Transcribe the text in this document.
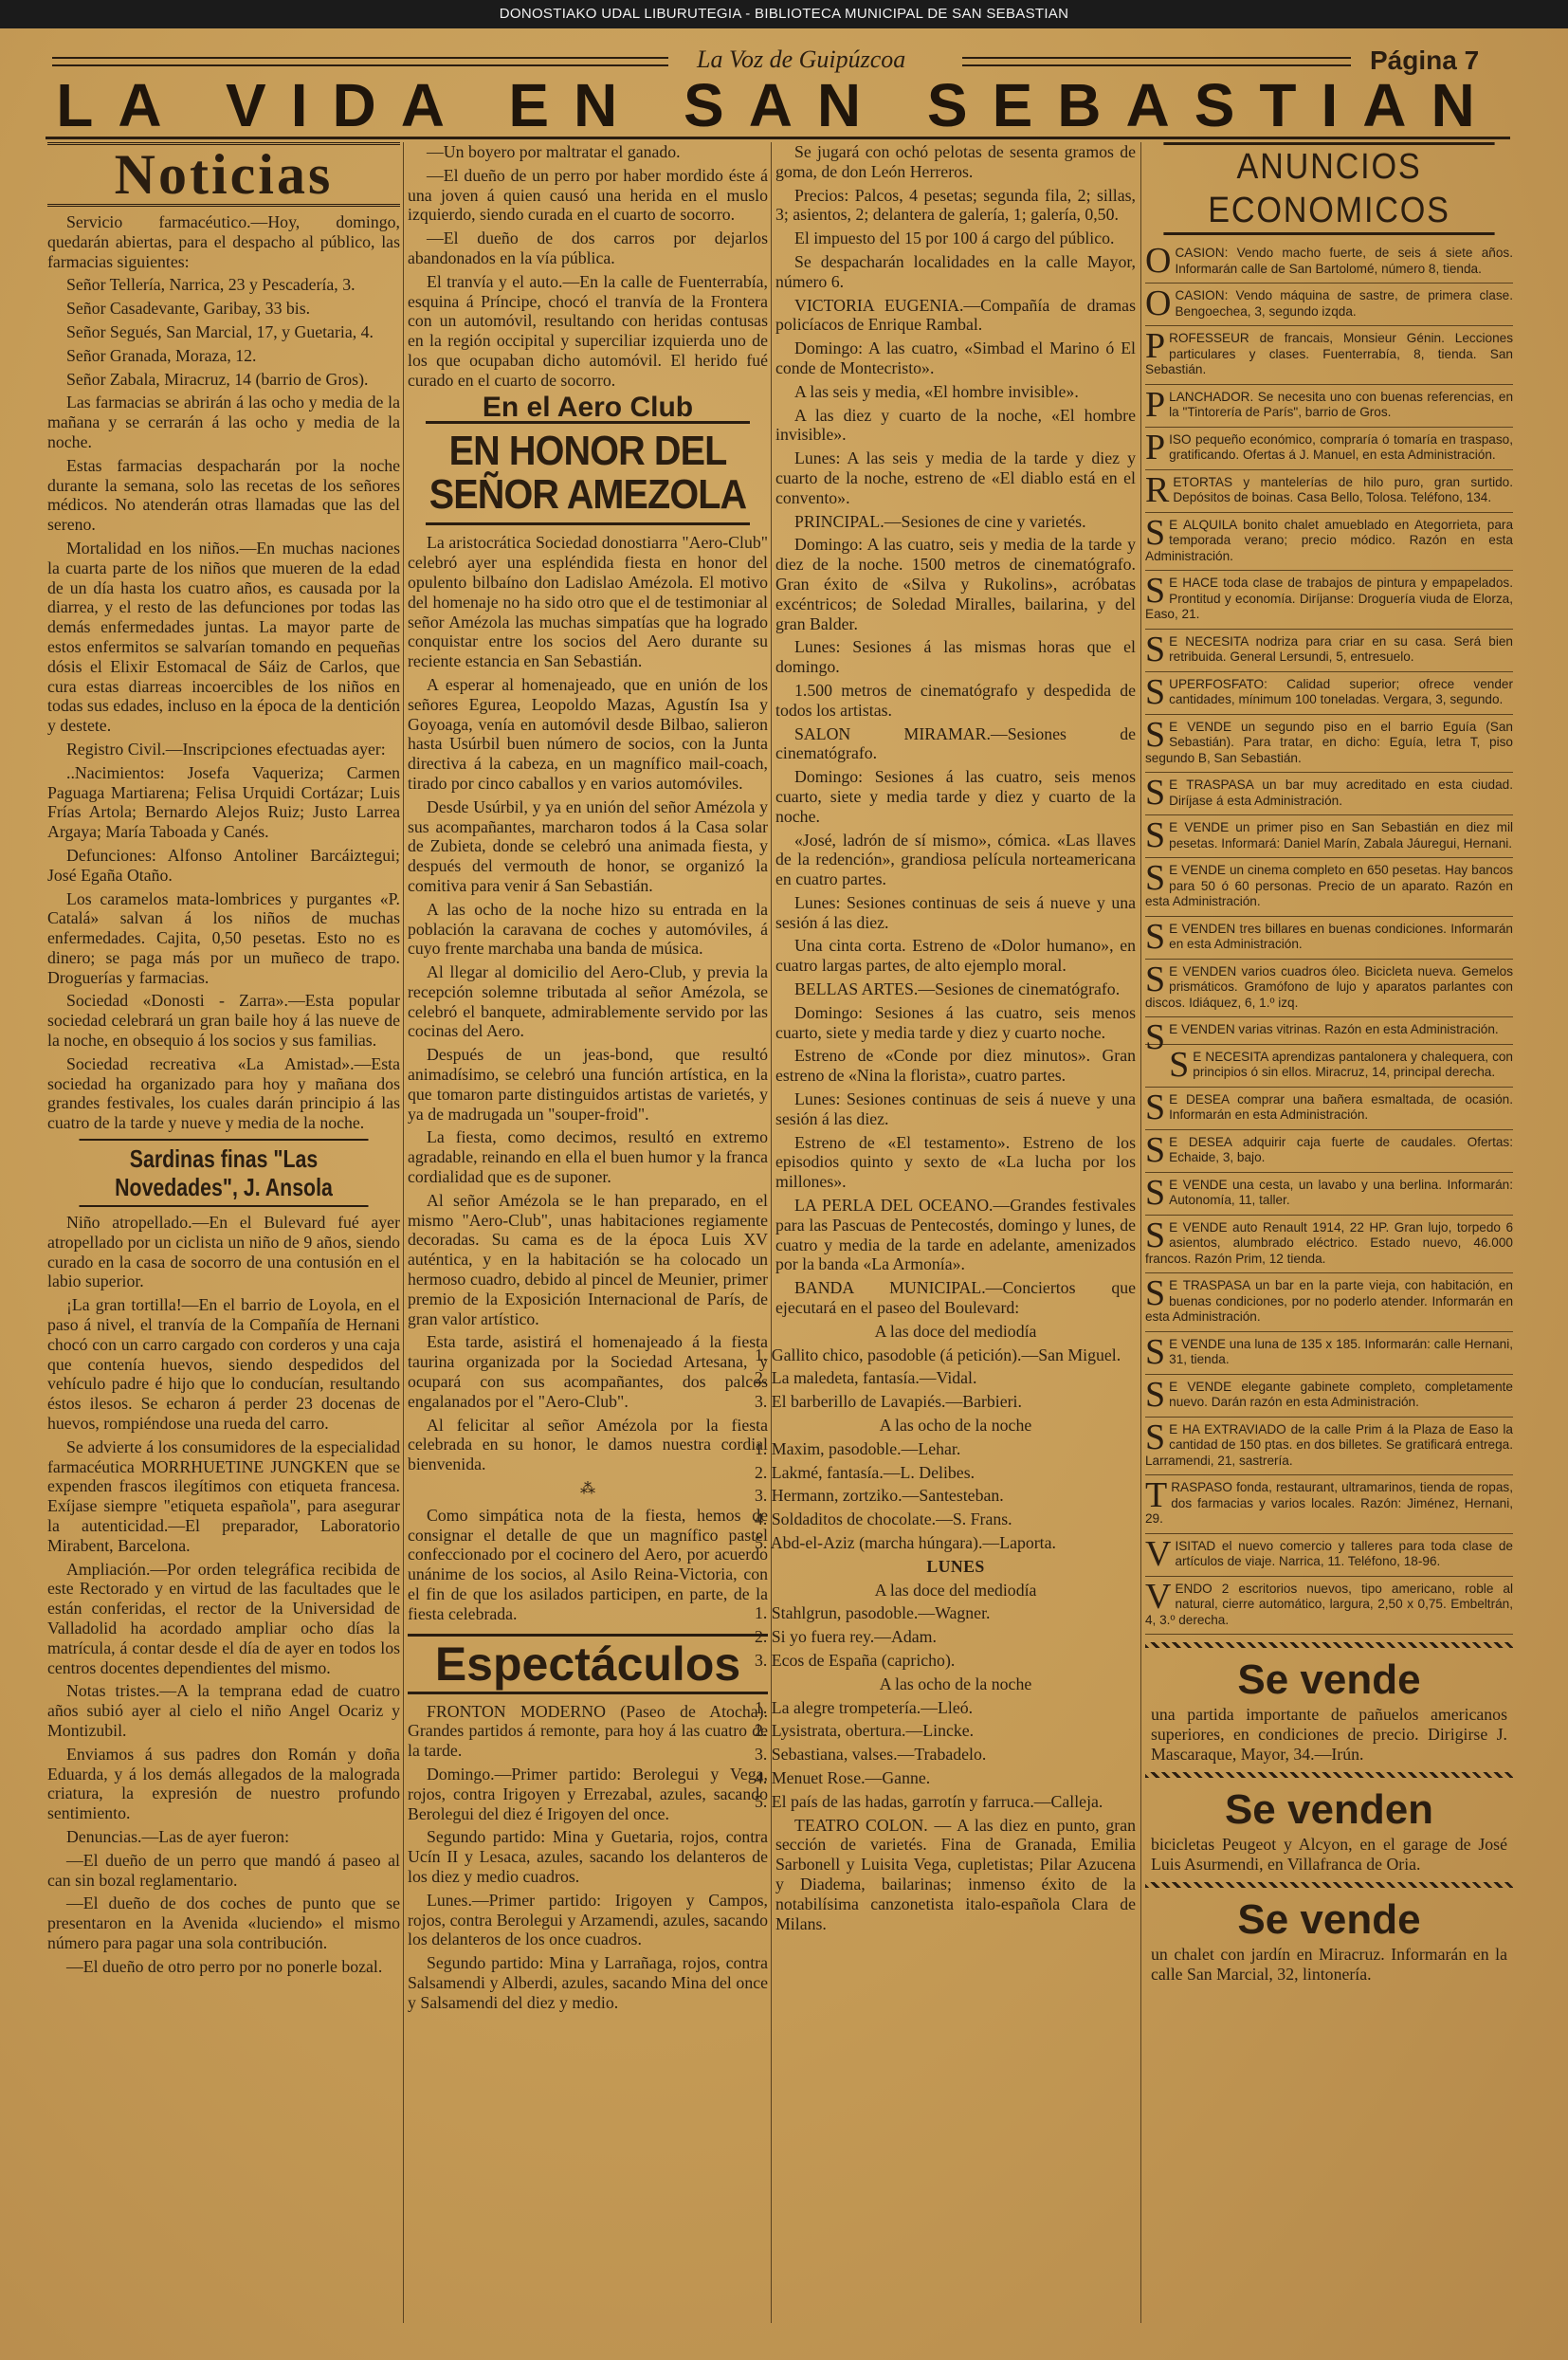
DONOSTIAKO UDAL LIBURUTEGIA - BIBLIOTECA MUNICIPAL DE SAN SEBASTIAN
La Voz de Guipúzcoa	Página 7
LA VIDA EN SAN SEBASTIAN
Noticias

Servicio farmacéutico.—Hoy, domingo, quedarán abiertas, para el despacho al público, las farmacias siguientes:

Señor Tellería, Narrica, 23 y Pescadería, 3.

Señor Casadevante, Garibay, 33 bis.

Señor Segués, San Marcial, 17, y Guetaria, 4.

Señor Granada, Moraza, 12.

Señor Zabala, Miracruz, 14 (barrio de Gros).

Las farmacias se abrirán á las ocho y media de la mañana y se cerrarán á las ocho y media de la noche.

Estas farmacias despacharán por la noche durante la semana, solo las recetas de los señores médicos. No atenderán otras llamadas que las del sereno.

Mortalidad en los niños.—En muchas naciones la cuarta parte de los niños que mueren de la edad de un día hasta los cuatro años, es causada por la diarrea, y el resto de las defunciones por todas las demás enfermedades juntas. La mayor parte de estos enfermitos se salvarían tomando en pequeñas dósis el Elixir Estomacal de Sáiz de Carlos, que cura estas diarreas incoercibles de los niños en todas sus edades, incluso en la época de la dentición y destete.

Registro Civil.—Inscripciones efectuadas ayer:

..Nacimientos: Josefa Vaqueriza; Carmen Paguaga Martiarena; Felisa Urquidi Cortázar; Luis Frías Artola; Bernardo Alejos Ruiz; Justo Larrea Argaya; María Taboada y Canés.

Defunciones: Alfonso Antoliner Barcáiztegui; José Egaña Otaño.

Los caramelos mata-lombrices y purgantes «P. Catalá» salvan á los niños de muchas enfermedades. Cajita, 0,50 pesetas. Esto no es dinero; se paga más por un muñeco de trapo. Droguerías y farmacias.

Sociedad «Donosti - Zarra».—Esta popular sociedad celebrará un gran baile hoy á las nueve de la noche, en obsequio á los socios y sus familias.

Sociedad recreativa «La Amistad».—Esta sociedad ha organizado para hoy y mañana dos grandes festivales, los cuales darán principio á las cuatro de la tarde y nueve y media de la noche.

Sardinas finas "Las Novedades", J. Ansola

Niño atropellado.—En el Bulevard fué ayer atropellado por un ciclista un niño de 9 años, siendo curado en la casa de socorro de una contusión en el labio superior.

¡La gran tortilla!—En el barrio de Loyola, en el paso á nivel, el tranvía de la Compañía de Hernani chocó con un carro cargado con corderos y una caja que contenía huevos, siendo despedidos del vehículo padre é hijo que lo conducían, resultando éstos ilesos. Se echaron á perder 23 docenas de huevos, rompiéndose una rueda del carro.

Se advierte á los consumidores de la especialidad farmacéutica MORRHUETINE JUNGKEN que se expenden frascos ilegítimos con etiqueta francesa. Exíjase siempre "etiqueta española", para asegurar la autenticidad.—El preparador, Laboratorio Mirabent, Barcelona.

Ampliación.—Por orden telegráfica recibida de este Rectorado y en virtud de las facultades que le están conferidas, el rector de la Universidad de Valladolid ha acordado ampliar ocho días la matrícula, á contar desde el día de ayer en todos los centros docentes dependientes del mismo.

Notas tristes.—A la temprana edad de cuatro años subió ayer al cielo el niño Angel Ocariz y Montizubil.

Enviamos á sus padres don Román y doña Eduarda, y á los demás allegados de la malograda criatura, la expresión de nuestro profundo sentimiento.

Denuncias.—Las de ayer fueron:

—El dueño de un perro que mandó á paseo al can sin bozal reglamentario.

—El dueño de dos coches de punto que se presentaron en la Avenida «luciendo» el mismo número para pagar una sola contribución.

—El dueño de otro perro por no ponerle bozal.

—Un boyero por maltratar el ganado.

—El dueño de un perro por haber mordido éste á una joven á quien causó una herida en el muslo izquierdo, siendo curada en el cuarto de socorro.

—El dueño de dos carros por dejarlos abandonados en la vía pública.

El tranvía y el auto.—En la calle de Fuenterrabía, esquina á Príncipe, chocó el tranvía de la Frontera con un automóvil, resultando con heridas contusas en la región occipital y superciliar izquierda uno de los que ocupaban dicho automóvil. El herido fué curado en el cuarto de socorro.

En el Aero Club
EN HONOR DEL SEÑOR AMEZOLA

La aristocrática Sociedad donostiarra "Aero-Club" celebró ayer una espléndida fiesta en honor del opulento bilbaíno don Ladislao Amézola. El motivo del homenaje no ha sido otro que el de testimoniar al señor Amézola las muchas simpatías que ha logrado conquistar entre los socios del Aero durante su reciente estancia en San Sebastián.

A esperar al homenajeado, que en unión de los señores Egurea, Leopoldo Mazas, Agustín Isa y Goyoaga, venía en automóvil desde Bilbao, salieron hasta Usúrbil buen número de socios, con la Junta directiva á la cabeza, en un magnífico mail-coach, tirado por cinco caballos y en varios automóviles.

Desde Usúrbil, y ya en unión del señor Amézola y sus acompañantes, marcharon todos á la Casa solar de Zubieta, donde se celebró una animada fiesta, y después del vermouth de honor, se organizó la comitiva para venir á San Sebastián.

A las ocho de la noche hizo su entrada en la población la caravana de coches y automóviles, á cuyo frente marchaba una banda de música.

Al llegar al domicilio del Aero-Club, y previa la recepción solemne tributada al señor Amézola, se celebró el banquete, admirablemente servido por las cocinas del Aero.

Después de un jeas-bond, que resultó animadísimo, se celebró una función artística, en la que tomaron parte distinguidos artistas de varietés, y ya de madrugada un "souper-froid".

La fiesta, como decimos, resultó en extremo agradable, reinando en ella el buen humor y la franca cordialidad que es de suponer.

Al señor Amézola se le han preparado, en el mismo "Aero-Club", unas habitaciones regiamente decoradas. Su cama es de la época Luis XV auténtica, y en la habitación se ha colocado un hermoso cuadro, debido al pincel de Meunier, primer premio de la Exposición Internacional de París, de gran valor artístico.

Esta tarde, asistirá el homenajeado á la fiesta taurina organizada por la Sociedad Artesana, y ocupará con sus acompañantes, dos palcos engalanados por el "Aero-Club".

Al felicitar al señor Amézola por la fiesta celebrada en su honor, le damos nuestra cordial bienvenida.

⁂

Como simpática nota de la fiesta, hemos de consignar el detalle de que un magnífico pastel confeccionado por el cocinero del Aero, por acuerdo unánime de los socios, al Asilo Reina-Victoria, con el fin de que los asilados participen, en parte, de la fiesta celebrada.

Espectáculos

FRONTON MODERNO (Paseo de Atocha). Grandes partidos á remonte, para hoy á las cuatro de la tarde.

Domingo.—Primer partido: Berolegui y Vega, rojos, contra Irigoyen y Errezabal, azules, sacando Berolegui del diez é Irigoyen del once.

Segundo partido: Mina y Guetaria, rojos, contra Ucín II y Lesaca, azules, sacando los delanteros de los diez y medio cuadros.

Lunes.—Primer partido: Irigoyen y Campos, rojos, contra Berolegui y Arzamendi, azules, sacando los delanteros de los once cuadros.

Segundo partido: Mina y Larrañaga, rojos, contra Salsamendi y Alberdi, azules, sacando Mina del once y Salsamendi del diez y medio.

Se jugará con ochó pelotas de sesenta gramos de goma, de don León Herreros.

Precios: Palcos, 4 pesetas; segunda fila, 2; sillas, 3; asientos, 2; delantera de galería, 1; galería, 0,50.

El impuesto del 15 por 100 á cargo del público.

Se despacharán localidades en la calle Mayor, número 6.

VICTORIA EUGENIA.—Compañía de dramas policíacos de Enrique Rambal.

Domingo: A las cuatro, «Simbad el Marino ó El conde de Montecristo».

A las seis y media, «El hombre invisible».

A las diez y cuarto de la noche, «El hombre invisible».

Lunes: A las seis y media de la tarde y diez y cuarto de la noche, estreno de «El diablo está en el convento».

PRINCIPAL.—Sesiones de cine y varietés.

Domingo: A las cuatro, seis y media de la tarde y diez de la noche. 1500 metros de cinematógrafo. Gran éxito de «Silva y Rukolins», acróbatas excéntricos; de Soledad Miralles, bailarina, y del gran Balder.

Lunes: Sesiones á las mismas horas que el domingo.

1.500 metros de cinematógrafo y despedida de todos los artistas.

SALON MIRAMAR.—Sesiones de cinematógrafo.

Domingo: Sesiones á las cuatro, seis menos cuarto, siete y media tarde y diez y cuarto de la noche.

«José, ladrón de sí mismo», cómica. «Las llaves de la redención», grandiosa película norteamericana en cuatro partes.

Lunes: Sesiones continuas de seis á nueve y una sesión á las diez.

Una cinta corta. Estreno de «Dolor humano», en cuatro largas partes, de alto ejemplo moral.

BELLAS ARTES.—Sesiones de cinematógrafo.

Domingo: Sesiones á las cuatro, seis menos cuarto, siete y media tarde y diez y cuarto noche.

Estreno de «Conde por diez minutos». Gran estreno de «Nina la florista», cuatro partes.

Lunes: Sesiones continuas de seis á nueve y una sesión á las diez.

Estreno de «El testamento». Estreno de los episodios quinto y sexto de «La lucha por los millones».

LA PERLA DEL OCEANO.—Grandes festivales para las Pascuas de Pentecostés, domingo y lunes, de cuatro y media de la tarde en adelante, amenizados por la banda «La Armonía».

BANDA MUNICIPAL.—Conciertos que ejecutará en el paseo del Boulevard:

A las doce del mediodía

1. Gallito chico, pasodoble (á petición).—San Miguel.

2. La maledeta, fantasía.—Vidal.

3. El barberillo de Lavapiés.—Barbieri.

A las ocho de la noche

1. Maxim, pasodoble.—Lehar.

2. Lakmé, fantasía.—L. Delibes.

3. Hermann, zortziko.—Santesteban.

4. Soldaditos de chocolate.—S. Frans.

5. Abd-el-Aziz (marcha húngara).—Laporta.

LUNES

A las doce del mediodía

1. Stahlgrun, pasodoble.—Wagner.

2. Si yo fuera rey.—Adam.

3. Ecos de España (capricho).

A las ocho de la noche

1. La alegre trompetería.—Lleó.

2. Lysistrata, obertura.—Lincke.

3. Sebastiana, valses.—Trabadelo.

4. Menuet Rose.—Ganne.

5. El país de las hadas, garrotín y farruca.—Calleja.

TEATRO COLON. — A las diez en punto, gran sección de varietés. Fina de Granada, Emilia Sarbonell y Luisita Vega, cupletistas; Pilar Azucena y Diadema, bailarinas; inmenso éxito de la notabilísima canzonetista italo-española Clara de Milans.

ANUNCIOS ECONOMICOS
OCASION: Vendo macho fuerte, de seis á siete años. Informarán calle de San Bartolomé, número 8, tienda.
OCASION: Vendo máquina de sastre, de primera clase. Bengoechea, 3, segundo izqda.
PROFESSEUR de francais, Monsieur Génin. Lecciones particulares y clases. Fuenterrabía, 8, tienda. San Sebastián.
PLANCHADOR. Se necesita uno con buenas referencias, en la "Tintorería de París", barrio de Gros.
PISO pequeño económico, compraría ó tomaría en traspaso, gratificando. Ofertas á J. Manuel, en esta Administración.
RETORTAS y mantelerías de hilo puro, gran surtido. Depósitos de boinas. Casa Bello, Tolosa. Teléfono, 134.
SE ALQUILA bonito chalet amueblado en Ategorrieta, para temporada verano; precio módico. Razón en esta Administración.
SE HACE toda clase de trabajos de pintura y empapelados. Prontitud y economía. Diríjanse: Droguería viuda de Elorza, Easo, 21.
SE NECESITA nodriza para criar en su casa. Será bien retribuida. General Lersundi, 5, entresuelo.
SUPERFOSFATO: Calidad superior; ofrece vender cantidades, mínimum 100 toneladas. Vergara, 3, segundo.
SE VENDE un segundo piso en el barrio Eguía (San Sebastián). Para tratar, en dicho: Eguía, letra T, piso segundo B, San Sebastián.
SE TRASPASA un bar muy acreditado en esta ciudad. Diríjase á esta Administración.
SE VENDE un primer piso en San Sebastián en diez mil pesetas. Informará: Daniel Marín, Zabala Jáuregui, Hernani.
SE VENDE un cinema completo en 650 pesetas. Hay bancos para 50 ó 60 personas. Precio de un aparato. Razón en esta Administración.
SE VENDEN tres billares en buenas condiciones. Informarán en esta Administración.
SE VENDEN varios cuadros óleo. Bicicleta nueva. Gemelos prismáticos. Gramófono de lujo y aparatos parlantes con discos. Idiáquez, 6, 1.º izq.
SE VENDEN varias vitrinas. Razón en esta Administración.
SE NECESITA aprendizas pantalonera y chalequera, con principios ó sin ellos. Miracruz, 14, principal derecha.
SE DESEA comprar una bañera esmaltada, de ocasión. Informarán en esta Administración.
SE DESEA adquirir caja fuerte de caudales. Ofertas: Echaide, 3, bajo.
SE VENDE una cesta, un lavabo y una berlina. Informarán: Autonomía, 11, taller.
SE VENDE auto Renault 1914, 22 HP. Gran lujo, torpedo 6 asientos, alumbrado eléctrico. Estado nuevo, 46.000 francos. Razón Prim, 12 tienda.
SE TRASPASA un bar en la parte vieja, con habitación, en buenas condiciones, por no poderlo atender. Informarán en esta Administración.
SE VENDE una luna de 135 x 185. Informarán: calle Hernani, 31, tienda.
SE VENDE elegante gabinete completo, completamente nuevo. Darán razón en esta Administración.
SE HA EXTRAVIADO de la calle Prim á la Plaza de Easo la cantidad de 150 ptas. en dos billetes. Se gratificará entrega. Larramendi, 21, sastrería.
TRASPASO fonda, restaurant, ultramarinos, tienda de ropas, dos farmacias y varios locales. Razón: Jiménez, Hernani, 29.
VISITAD el nuevo comercio y talleres para toda clase de artículos de viaje. Narrica, 11. Teléfono, 18-96.
VENDO 2 escritorios nuevos, tipo americano, roble al natural, cierre automático, largura, 2,50 x 0,75. Embeltrán, 4, 3.º derecha.
Se vende
una partida importante de pañuelos americanos superiores, en condiciones de precio. Dirigirse J. Mascaraque, Mayor, 34.—Irún.
Se venden
bicicletas Peugeot y Alcyon, en el garage de José Luis Asurmendi, en Villafranca de Oria.
Se vende
un chalet con jardín en Miracruz. Informarán en la calle San Marcial, 32, lintonería.
